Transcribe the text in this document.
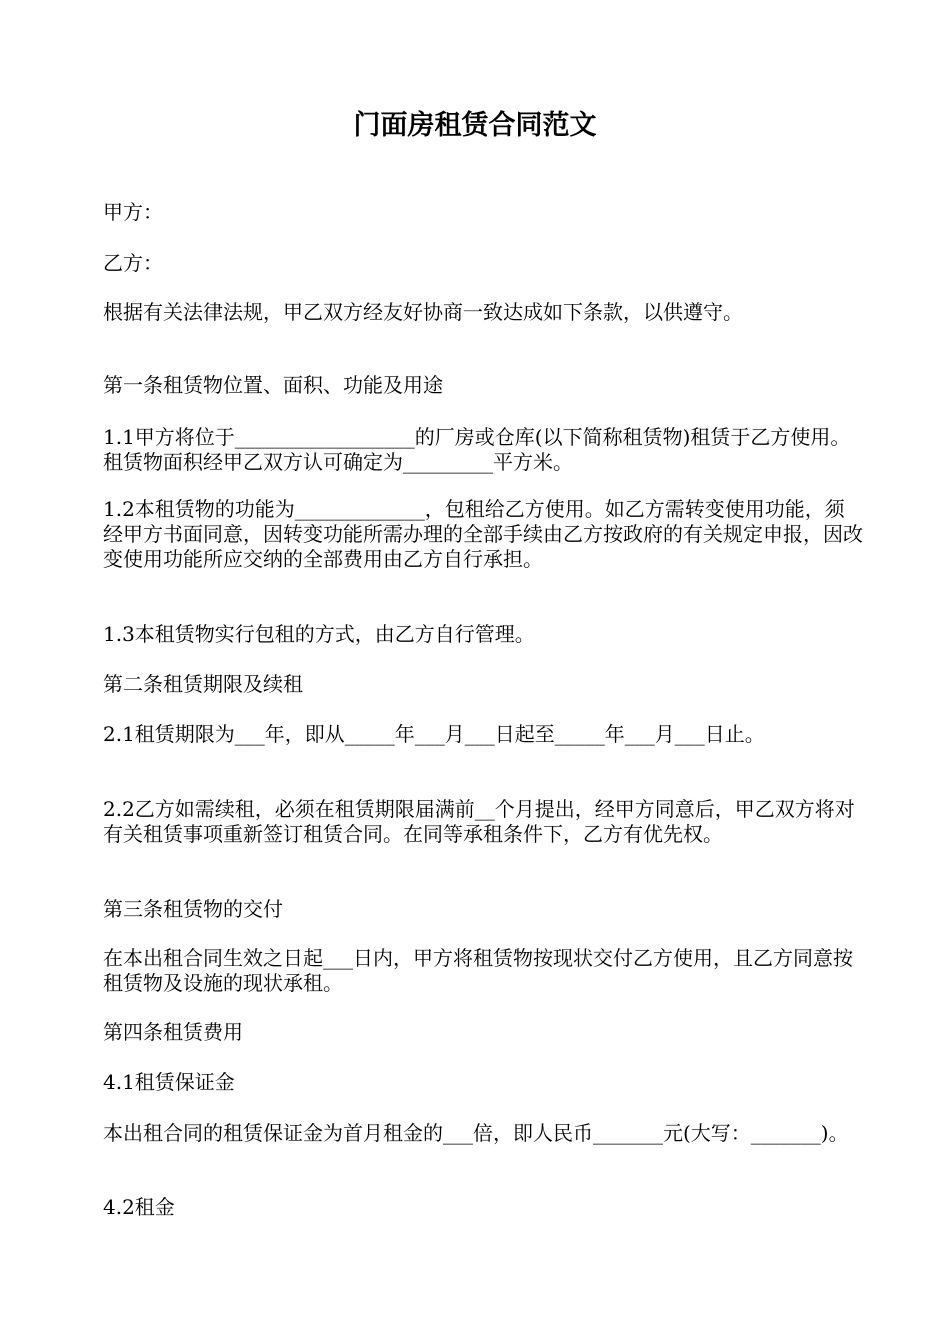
门面房租赁合同范文

甲方：

乙方：

根据有关法律法规，甲乙双方经友好协商一致达成如下条款，以供遵守。

第一条租赁物位置、面积、功能及用途

1.1甲方将位于__________________的厂房或仓库(以下简称租赁物)租赁于乙方使用。租赁物面积经甲乙双方认可确定为_________平方米。

1.2本租赁物的功能为_____________，包租给乙方使用。如乙方需转变使用功能，须经甲方书面同意，因转变功能所需办理的全部手续由乙方按政府的有关规定申报，因改变使用功能所应交纳的全部费用由乙方自行承担。

1.3本租赁物实行包租的方式，由乙方自行管理。

第二条租赁期限及续租

2.1租赁期限为___年，即从_____年___月___日起至_____年___月___日止。

2.2乙方如需续租，必须在租赁期限届满前__个月提出，经甲方同意后，甲乙双方将对有关租赁事项重新签订租赁合同。在同等承租条件下，乙方有优先权。

第三条租赁物的交付

在本出租合同生效之日起___日内，甲方将租赁物按现状交付乙方使用，且乙方同意按租赁物及设施的现状承租。

第四条租赁费用

4.1租赁保证金

本出租合同的租赁保证金为首月租金的___倍，即人民币_______元(大写：_______)。

4.2租金
